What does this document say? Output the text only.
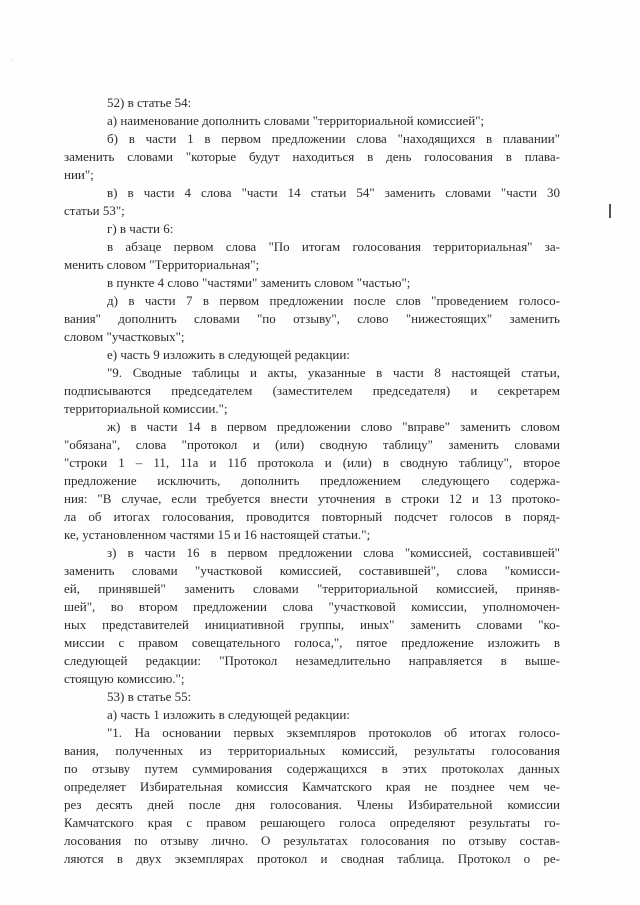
52) в статье 54:
а) наименование дополнить словами "территориальной комиссией";
б) в части 1 в первом предложении слова "находящихся в плавании"
заменить словами "которые будут находиться в день голосования в плава-
нии";
в) в части 4 слова "части 14 статьи 54" заменить словами "части 30
статьи 53";
г) в части 6:
в абзаце первом слова "По итогам голосования территориальная" за-
менить словом "Территориальная";
в пункте 4 слово "частями" заменить словом "частью";
д) в части 7 в первом предложении после слов "проведением голосо-
вания" дополнить словами "по отзыву", слово "нижестоящих" заменить
словом "участковых";
е) часть 9 изложить в следующей редакции:
"9. Сводные таблицы и акты, указанные в части 8 настоящей статьи,
подписываются председателем (заместителем председателя) и секретарем
территориальной комиссии.";
ж) в части 14 в первом предложении слово "вправе" заменить словом
"обязана", слова "протокол и (или) сводную таблицу" заменить словами
"строки 1 – 11, 11а и 11б протокола и (или) в сводную таблицу", второе
предложение исключить, дополнить предложением следующего содержа-
ния: "В случае, если требуется внести уточнения в строки 12 и 13 протоко-
ла об итогах голосования, проводится повторный подсчет голосов в поряд-
ке, установленном частями 15 и 16 настоящей статьи.";
з) в части 16 в первом предложении слова "комиссией, составившей"
заменить словами "участковой комиссией, составившей", слова "комисси-
ей, принявшей" заменить словами "территориальной комиссией, приняв-
шей", во втором предложении слова "участковой комиссии, уполномочен-
ных представителей инициативной группы, иных" заменить словами "ко-
миссии с правом совещательного голоса,", пятое предложение изложить в
следующей редакции: "Протокол незамедлительно направляется в выше-
стоящую комиссию.";
53) в статье 55:
а) часть 1 изложить в следующей редакции:
"1. На основании первых экземпляров протоколов об итогах голосо-
вания, полученных из территориальных комиссий, результаты голосования
по отзыву путем суммирования содержащихся в этих протоколах данных
определяет Избирательная комиссия Камчатского края не позднее чем че-
рез десять дней после дня голосования. Члены Избирательной комиссии
Камчатского края с правом решающего голоса определяют результаты го-
лосования по отзыву лично. О результатах голосования по отзыву состав-
ляются в двух экземплярах протокол и сводная таблица. Протокол о ре-
